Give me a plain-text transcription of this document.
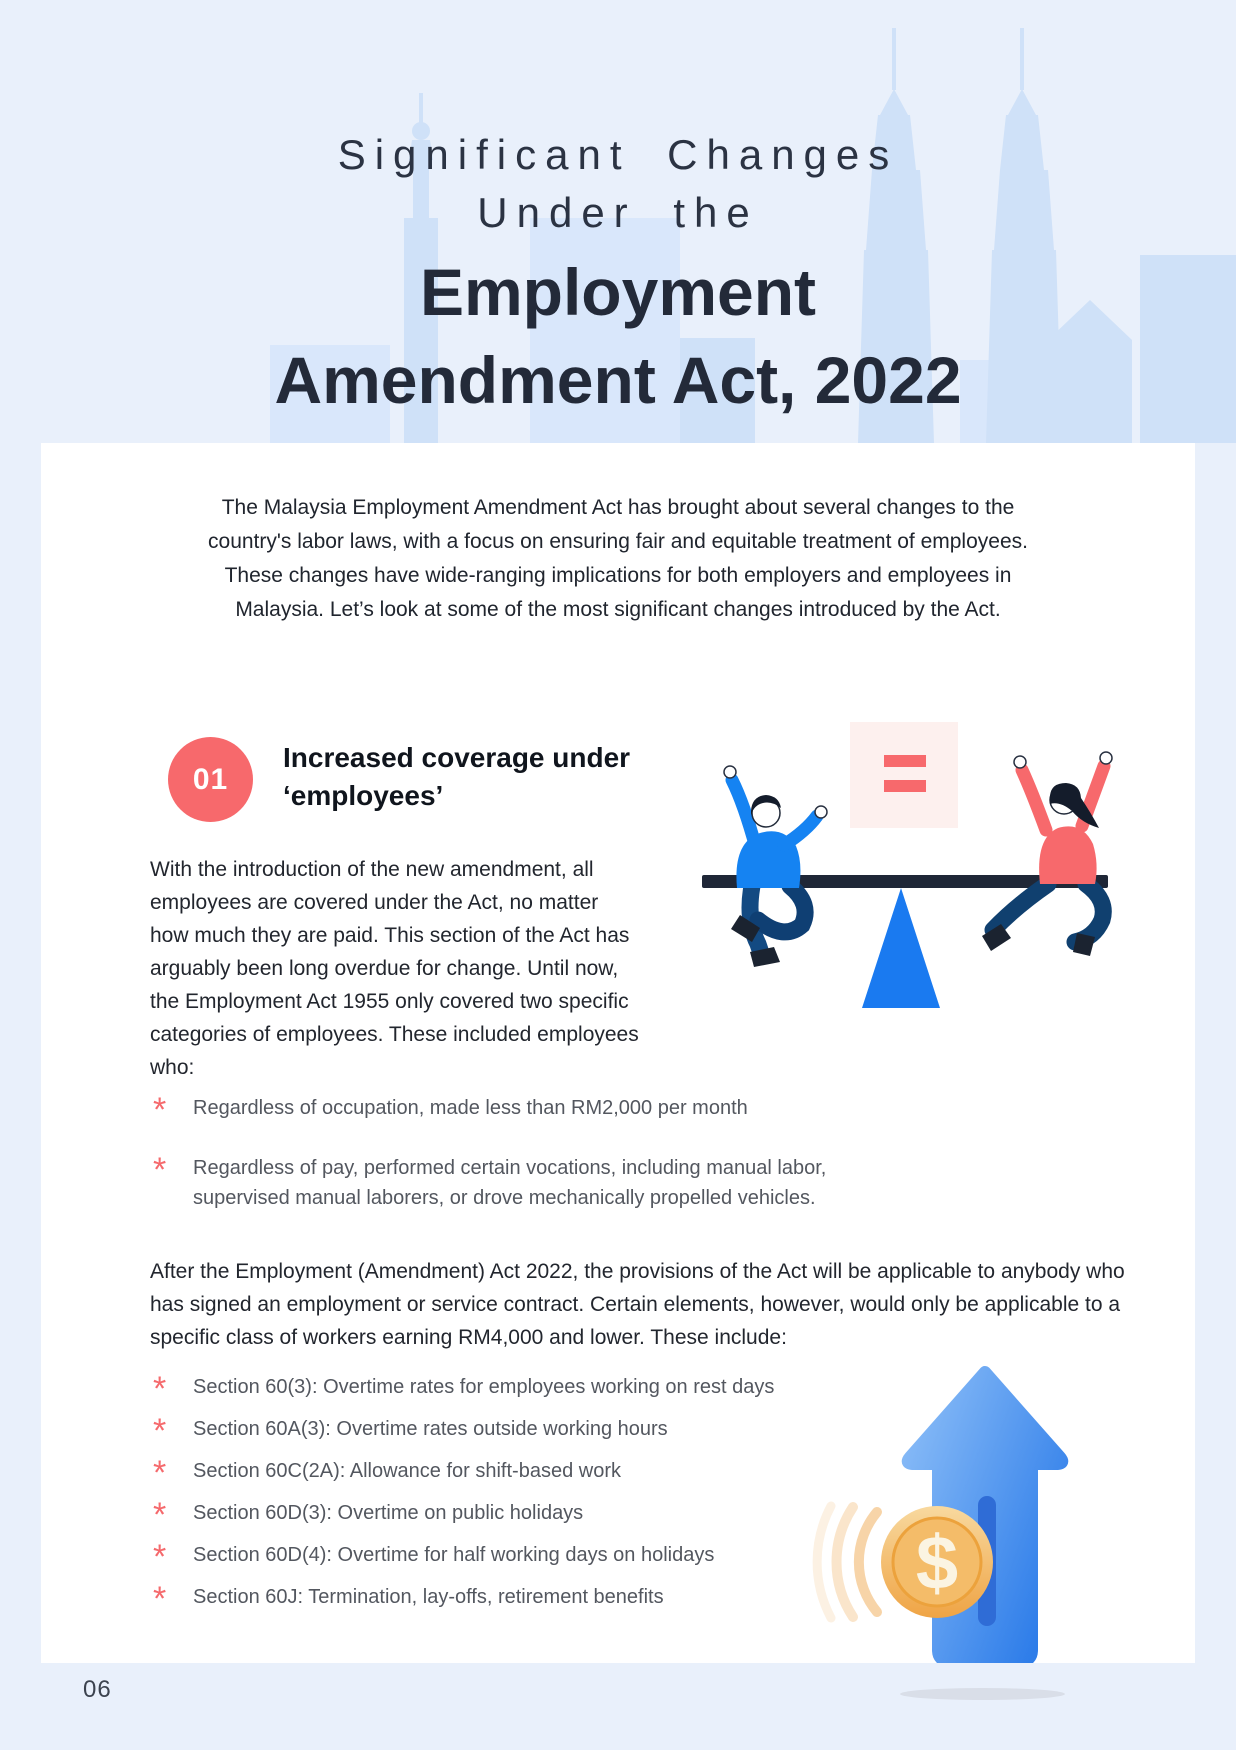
Significant Changes
Under the
Employment
Amendment Act, 2022

The Malaysia Employment Amendment Act has brought about several changes to the country's labor laws, with a focus on ensuring fair and equitable treatment of employees. These changes have wide-ranging implications for both employers and employees in Malaysia. Let’s look at some of the most significant changes introduced by the Act.

01
Increased coverage under
‘employees’
With the introduction of the new amendment, all employees are covered under the Act, no matter how much they are paid. This section of the Act has arguably been long overdue for change. Until now, the Employment Act 1955 only covered two specific categories of employees. These included employees who:
*	Regardless of occupation, made less than RM2,000 per month
*	Regardless of pay, performed certain vocations, including manual labor, supervised manual laborers, or drove mechanically propelled vehicles.
After the Employment (Amendment) Act 2022, the provisions of the Act will be applicable to anybody who has signed an employment or service contract. Certain elements, however, would only be applicable to a specific class of workers earning RM4,000 and lower. These include:
*	Section 60(3): Overtime rates for employees working on rest days
*	Section 60A(3): Overtime rates outside working hours
*	Section 60C(2A): Allowance for shift-based work
*	Section 60D(3): Overtime on public holidays
*	Section 60D(4): Overtime for half working days on holidays
*	Section 60J: Termination, lay-offs, retirement benefits	$
06
